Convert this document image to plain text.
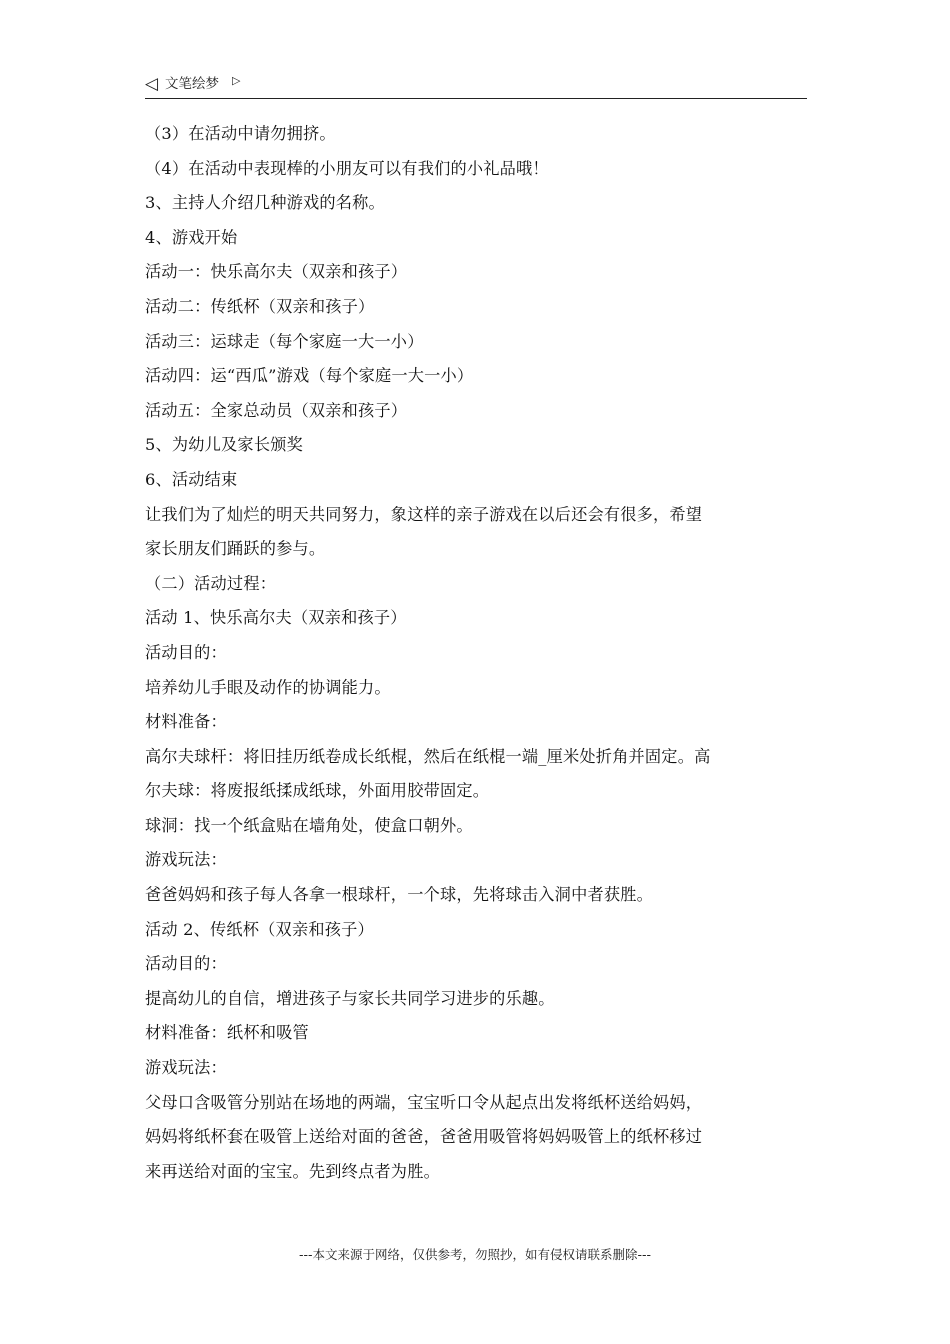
◁ 文笔绘梦 ▷
（3）在活动中请勿拥挤。
（4）在活动中表现棒的小朋友可以有我们的小礼品哦！
3、主持人介绍几种游戏的名称。
4、游戏开始
活动一：快乐高尔夫（双亲和孩子）
活动二：传纸杯（双亲和孩子）
活动三：运球走（每个家庭一大一小）
活动四：运“西瓜”游戏（每个家庭一大一小）
活动五：全家总动员（双亲和孩子）
5、为幼儿及家长颁奖
6、活动结束
让我们为了灿烂的明天共同努力，象这样的亲子游戏在以后还会有很多，希望
家长朋友们踊跃的参与。
（二）活动过程：
活动 1、快乐高尔夫（双亲和孩子）
活动目的：
培养幼儿手眼及动作的协调能力。
材料准备：
高尔夫球杆：将旧挂历纸卷成长纸棍，然后在纸棍一端_厘米处折角并固定。高
尔夫球：将废报纸揉成纸球，外面用胶带固定。
球洞：找一个纸盒贴在墙角处，使盒口朝外。
游戏玩法：
爸爸妈妈和孩子每人各拿一根球杆，一个球，先将球击入洞中者获胜。
活动 2、传纸杯（双亲和孩子）
活动目的：
提高幼儿的自信，增进孩子与家长共同学习进步的乐趣。
材料准备：纸杯和吸管
游戏玩法：
父母口含吸管分别站在场地的两端，宝宝听口令从起点出发将纸杯送给妈妈，
妈妈将纸杯套在吸管上送给对面的爸爸，爸爸用吸管将妈妈吸管上的纸杯移过
来再送给对面的宝宝。先到终点者为胜。
---本文来源于网络，仅供参考，勿照抄，如有侵权请联系删除---
